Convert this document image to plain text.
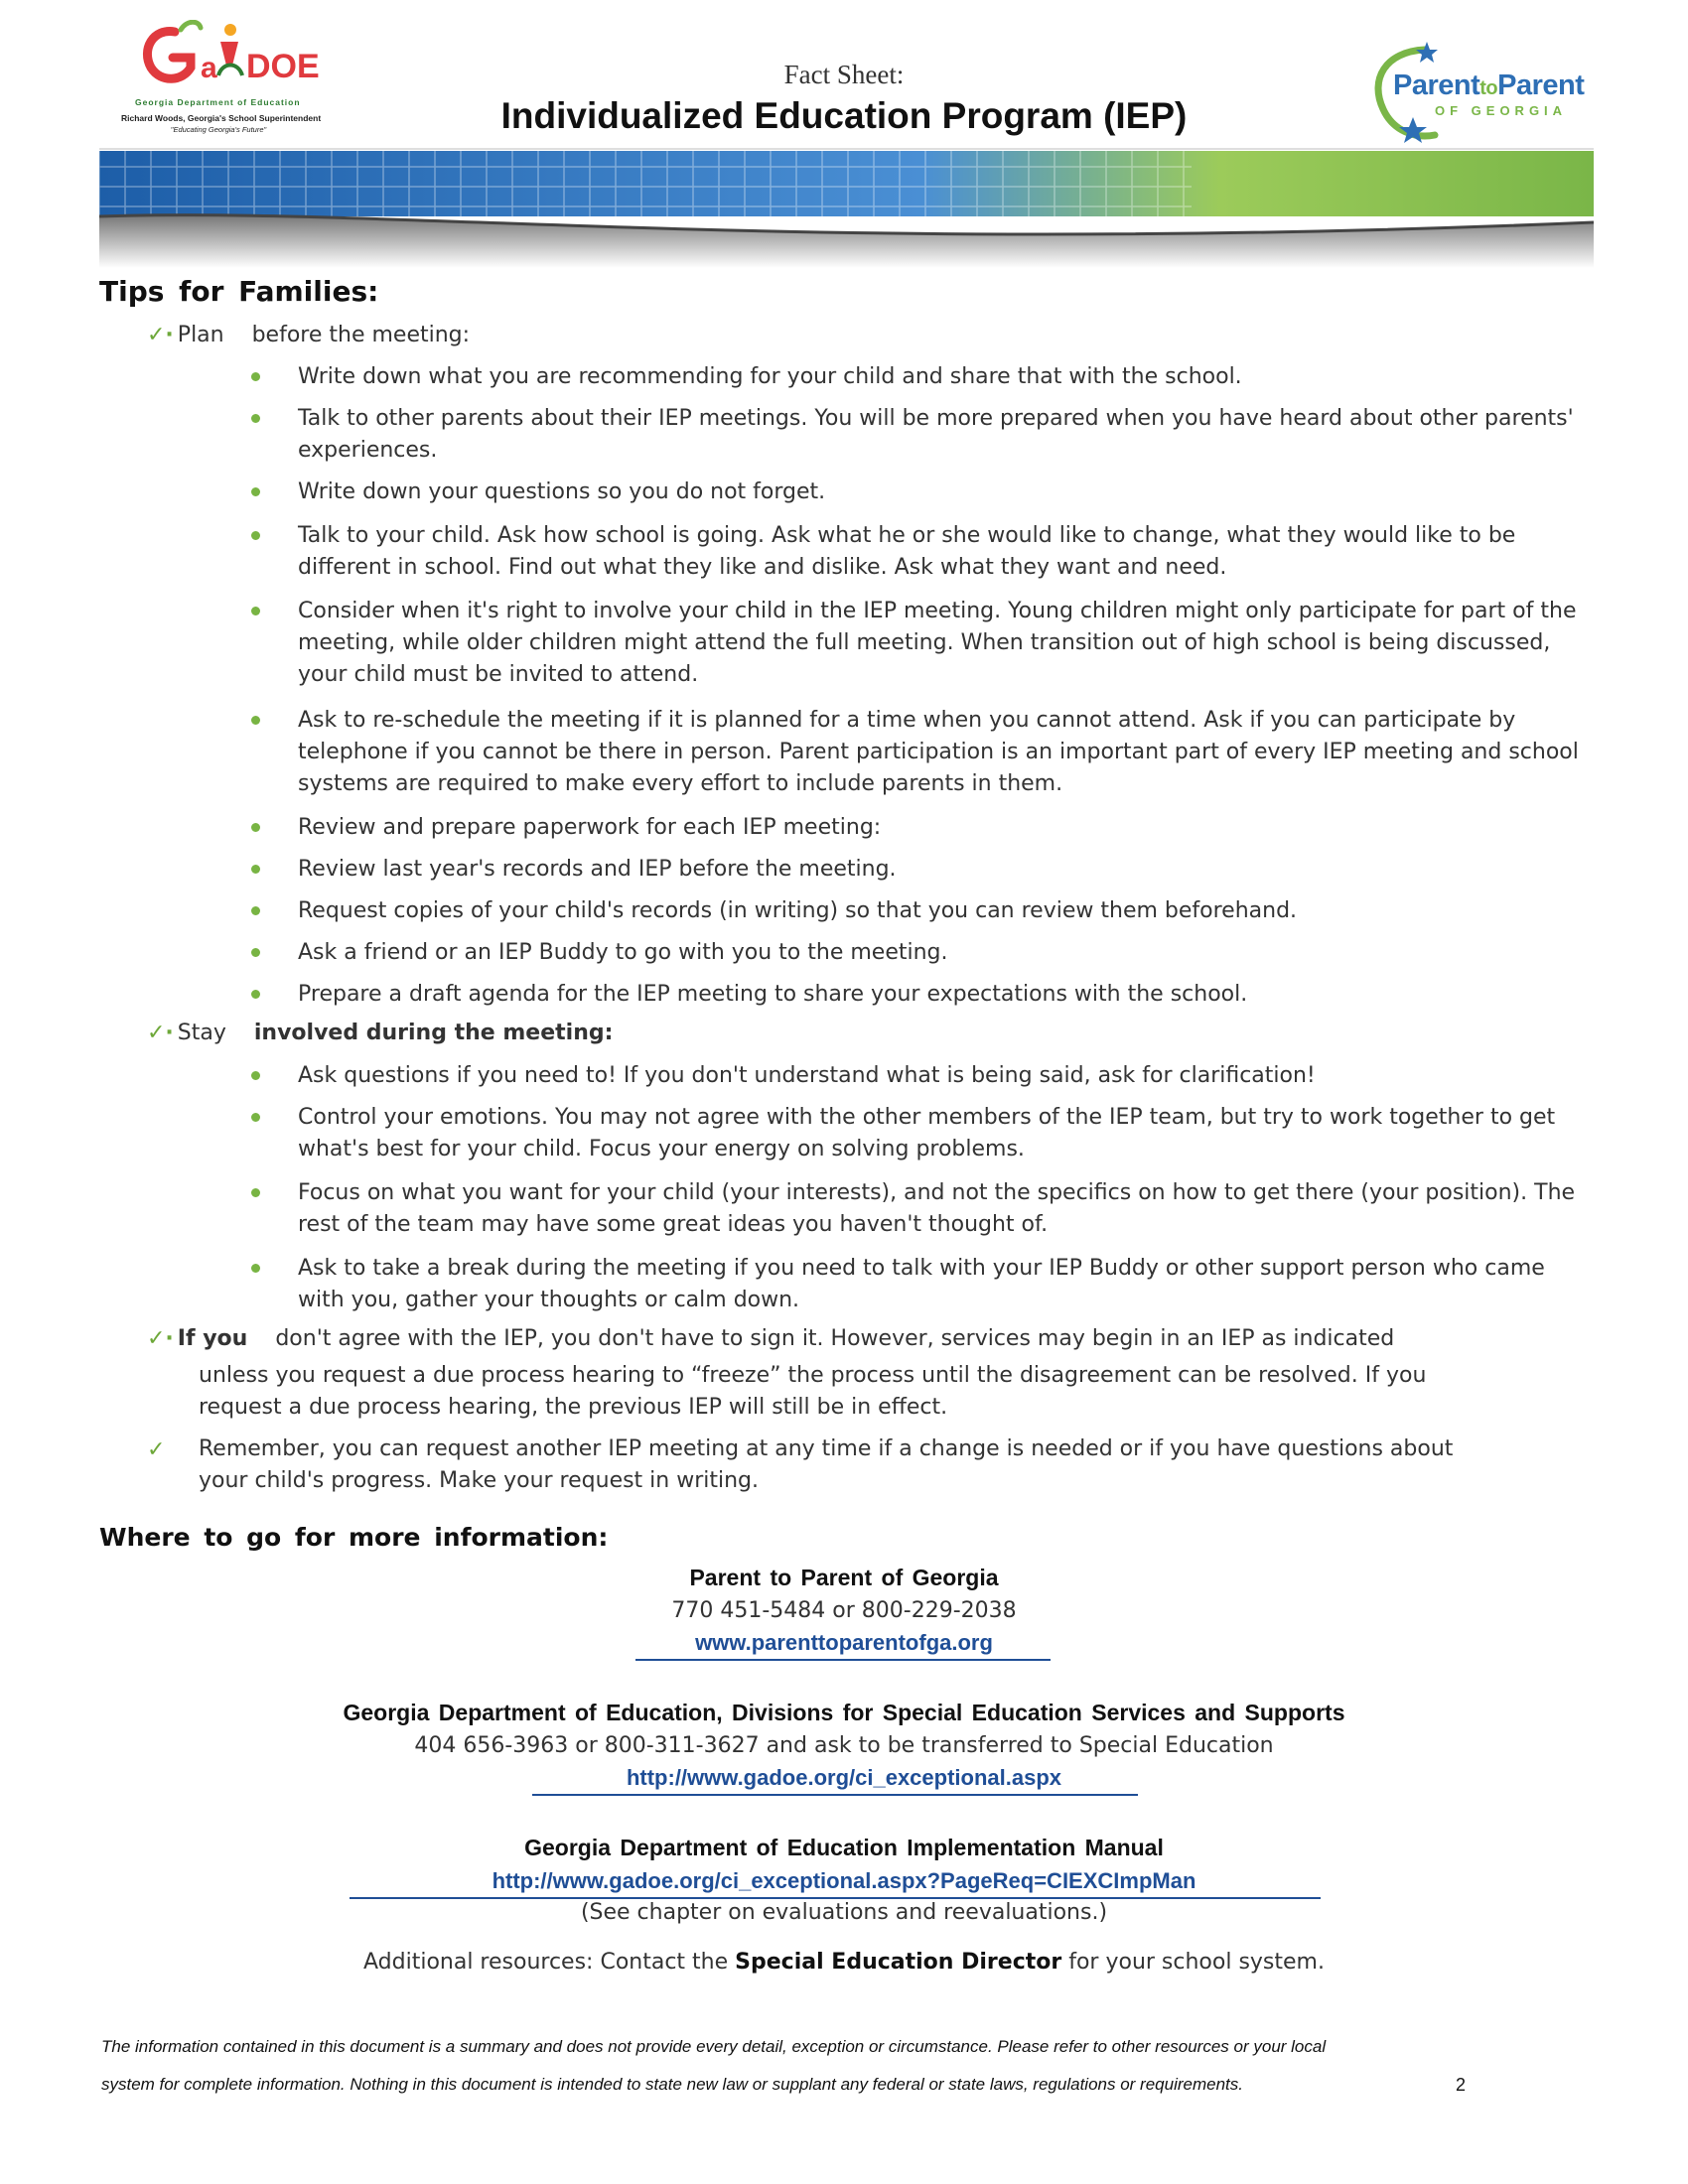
a DOE
Georgia Department of Education
Richard Woods, Georgia's School Superintendent
"Educating Georgia's Future"
Fact Sheet:
Individualized Education Program (IEP)
ParenttoParent
OF GEORGIA
Tips for Families:
✓· Plan before the meeting:
Write down what you are recommending for your child and share that with the school.
Talk to other parents about their IEP meetings. You will be more prepared when you have heard about other parents' experiences.
Write down your questions so you do not forget.
Talk to your child. Ask how school is going. Ask what he or she would like to change, what they would like to be different in school. Find out what they like and dislike. Ask what they want and need.
Consider when it's right to involve your child in the IEP meeting. Young children might only participate for part of the meeting, while older children might attend the full meeting. When transition out of high school is being discussed, your child must be invited to attend.
Ask to re-schedule the meeting if it is planned for a time when you cannot attend. Ask if you can participate by telephone if you cannot be there in person. Parent participation is an important part of every IEP meeting and school systems are required to make every effort to include parents in them.
Review and prepare paperwork for each IEP meeting:
Review last year's records and IEP before the meeting.
Request copies of your child's records (in writing) so that you can review them beforehand.
Ask a friend or an IEP Buddy to go with you to the meeting.
Prepare a draft agenda for the IEP meeting to share your expectations with the school.
✓· Stay involved during the meeting:
Ask questions if you need to! If you don't understand what is being said, ask for clarification!
Control your emotions. You may not agree with the other members of the IEP team, but try to work together to get what's best for your child. Focus your energy on solving problems.
Focus on what you want for your child (your interests), and not the specifics on how to get there (your position). The rest of the team may have some great ideas you haven't thought of.
Ask to take a break during the meeting if you need to talk with your IEP Buddy or other support person who came with you, gather your thoughts or calm down.
✓· If you don't agree with the IEP, you don't have to sign it. However, services may begin in an IEP as indicated
unless you request a due process hearing to “freeze” the process until the disagreement can be resolved. If you request a due process hearing, the previous IEP will still be in effect.
✓ Remember, you can request another IEP meeting at any time if a change is needed or if you have questions about your child's progress. Make your request in writing.
Where to go for more information:
Parent to Parent of Georgia
770 451-5484 or 800-229-2038
www.parenttoparentofga.org
Georgia Department of Education, Divisions for Special Education Services and Supports
404 656-3963 or 800-311-3627 and ask to be transferred to Special Education
http://www.gadoe.org/ci_exceptional.aspx
Georgia Department of Education Implementation Manual
http://www.gadoe.org/ci_exceptional.aspx?PageReq=CIEXCImpMan
(See chapter on evaluations and reevaluations.)
Additional resources: Contact the Special Education Director for your school system.
The information contained in this document is a summary and does not provide every detail, exception or circumstance. Please refer to other resources or your local
system for complete information. Nothing in this document is intended to state new law or supplant any federal or state laws, regulations or requirements.	2
